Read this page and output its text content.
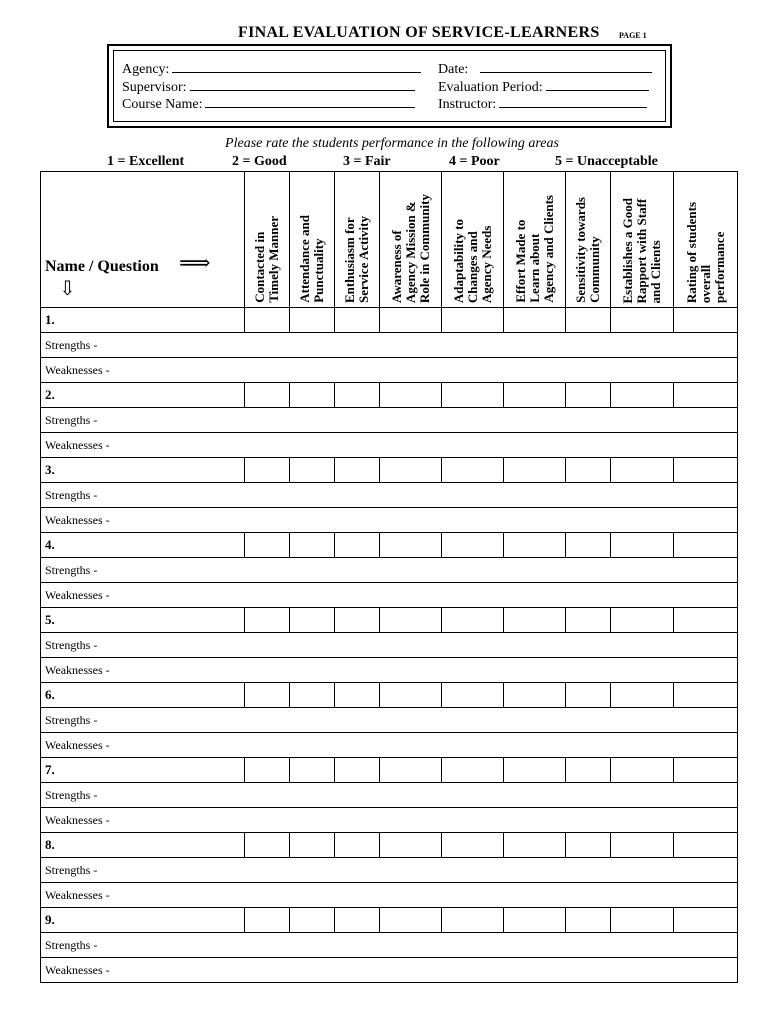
FINAL EVALUATION OF SERVICE-LEARNERS PAGE 1
Agency:
Supervisor:
Course Name:
Date:
Evaluation Period:
Instructor:
Please rate the students performance in the following areas
1 = Excellent	2 = Good	3 = Fair	4 = Poor	5 = Unacceptable
Name / Question ⟹
⇩	Contacted in
Timely Manner	Attendance and
Punctuality	Enthusiasm for
Service Activity	Awareness of
Agency Mission &
Role in Community	Adaptability to
Changes and
Agency Needs	Effort Made to
Learn about
Agency and Clients	Sensitivity towards
Community	Establishes a Good
Rapport with Staff
and Clients	Rating of students
overall
performance

1.									
Strengths -									
Weaknesses -									
2.									
Strengths -									
Weaknesses -									
3.									
Strengths -									
Weaknesses -									
4.									
Strengths -									
Weaknesses -									
5.									
Strengths -									
Weaknesses -									
6.									
Strengths -									
Weaknesses -									
7.									
Strengths -									
Weaknesses -									
8.									
Strengths -									
Weaknesses -									
9.									
Strengths -									
Weaknesses -									
